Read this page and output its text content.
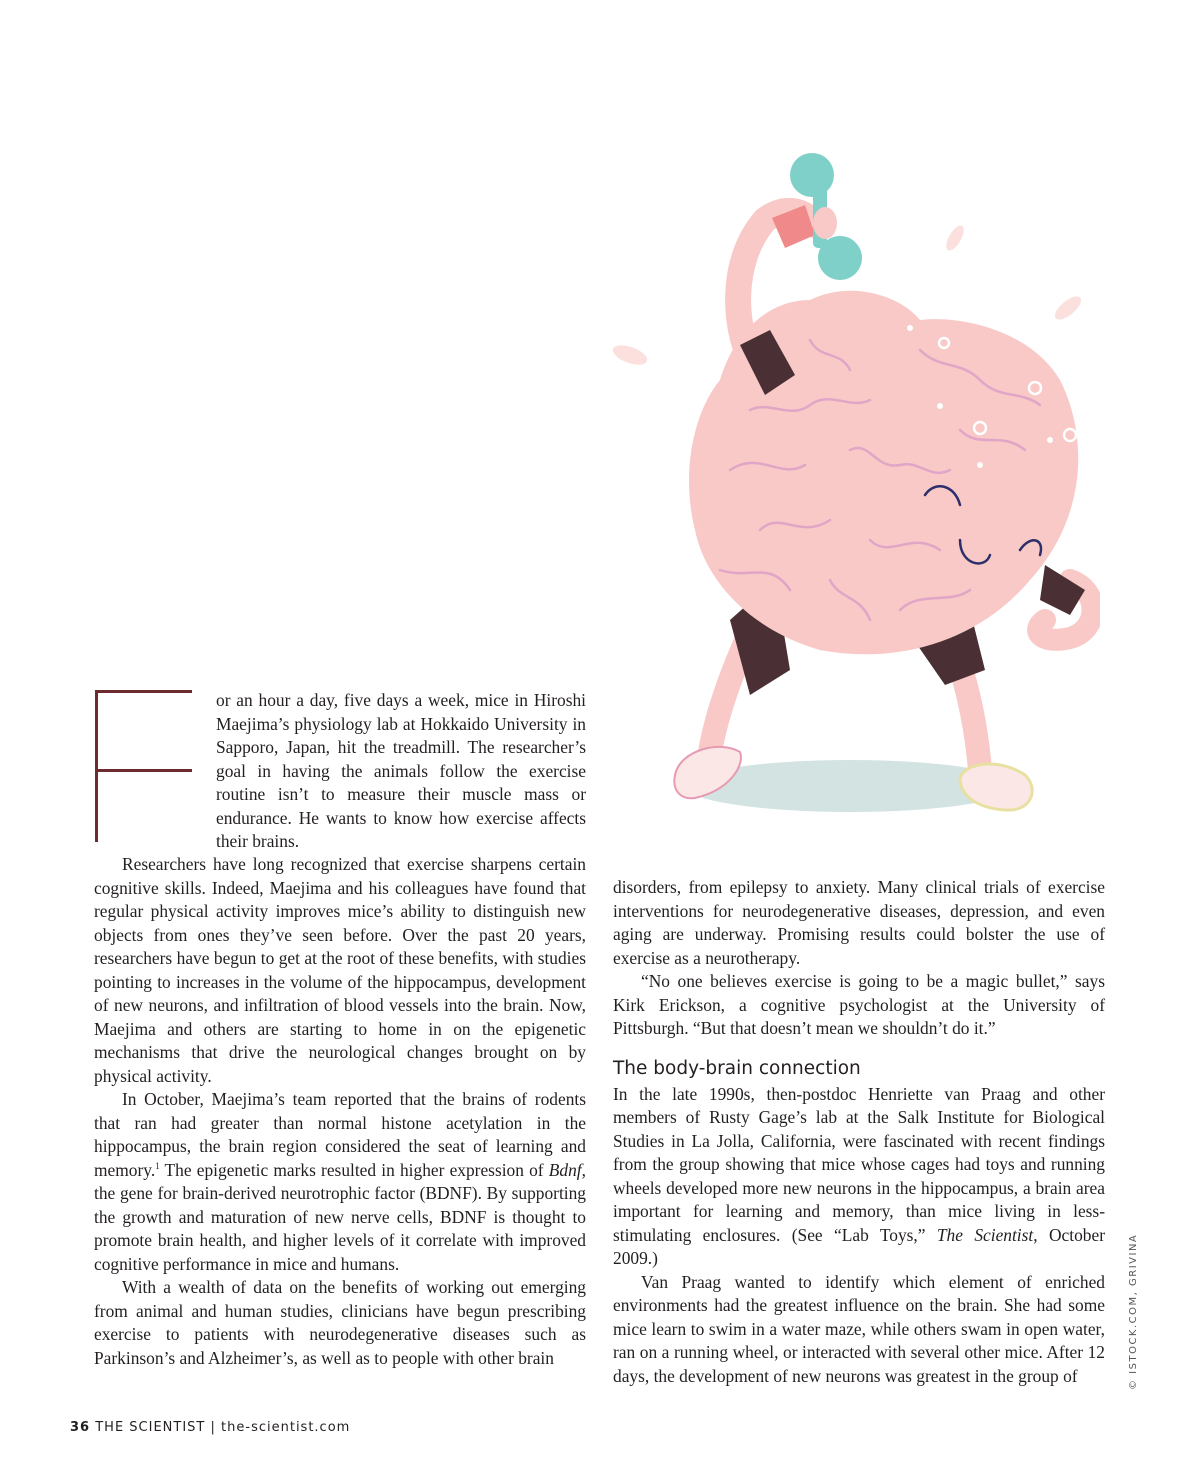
or an hour a day, five days a week, mice in Hiroshi Maejima’s physiology lab at Hokkaido University in Sapporo, Japan, hit the treadmill. The researcher’s goal in having the animals follow the exercise routine isn’t to measure their muscle mass or endurance. He wants to know how exercise affects their brains.

Researchers have long recognized that exercise sharpens certain cognitive skills. Indeed, Maejima and his colleagues have found that regular physical activity improves mice’s ability to distinguish new objects from ones they’ve seen before. Over the past 20 years, researchers have begun to get at the root of these benefits, with studies pointing to increases in the volume of the hippocampus, development of new neurons, and infiltration of blood vessels into the brain. Now, Maejima and others are starting to home in on the epigenetic mechanisms that drive the neurological changes brought on by physical activity.

In October, Maejima’s team reported that the brains of rodents that ran had greater than normal histone acetylation in the hippocampus, the brain region considered the seat of learning and memory.$^1$ The epigenetic marks resulted in higher expression of Bdnf, the gene for brain-derived neurotrophic factor (BDNF). By supporting the growth and maturation of new nerve cells, BDNF is thought to promote brain health, and higher levels of it correlate with improved cognitive performance in mice and humans.

With a wealth of data on the benefits of working out emerging from animal and human studies, clinicians have begun prescribing exercise to patients with neurodegenerative diseases such as Parkinson’s and Alzheimer’s, as well as to people with other brain

disorders, from epilepsy to anxiety. Many clinical trials of exercise interventions for neurodegenerative diseases, depression, and even aging are underway. Promising results could bolster the use of exercise as a neurotherapy.

“No one believes exercise is going to be a magic bullet,” says Kirk Erickson, a cognitive psychologist at the University of Pittsburgh. “But that doesn’t mean we shouldn’t do it.”

The body-brain connection

In the late 1990s, then-postdoc Henriette van Praag and other members of Rusty Gage’s lab at the Salk Institute for Biological Studies in La Jolla, California, were fascinated with recent findings from the group showing that mice whose cages had toys and running wheels developed more new neurons in the hippocampus, a brain area important for learning and memory, than mice living in less-stimulating enclosures. (See “Lab Toys,” The Scientist, October 2009.)

Van Praag wanted to identify which element of enriched environments had the greatest influence on the brain. She had some mice learn to swim in a water maze, while others swam in open water, ran on a running wheel, or interacted with several other mice. After 12 days, the development of new neurons was greatest in the group of

36 THE SCIENTIST | the-scientist.com
© ISTOCK.COM, GRIVINA
